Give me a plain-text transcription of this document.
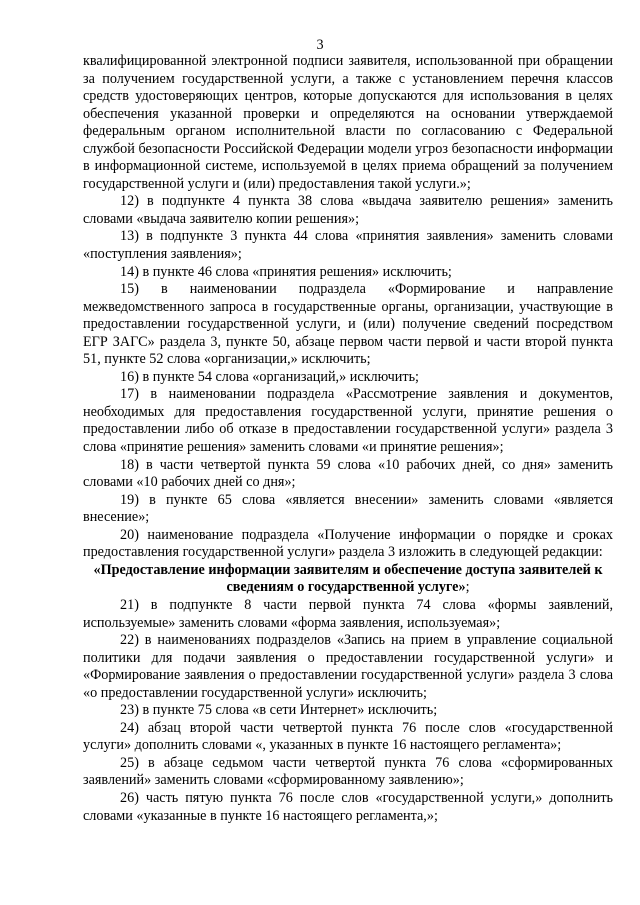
3

квалифицированной электронной подписи заявителя, использованной при обращении за получением государственной услуги, а также с установлением перечня классов средств удостоверяющих центров, которые допускаются для использования в целях обеспечения указанной проверки и определяются на основании утверждаемой федеральным органом исполнительной власти по согласованию с Федеральной службой безопасности Российской Федерации модели угроз безопасности информации в информационной системе, используемой в целях приема обращений за получением государственной услуги и (или) предоставления такой услуги.»;

12) в подпункте 4 пункта 38 слова «выдача заявителю решения» заменить словами «выдача заявителю копии решения»;

13) в подпункте 3 пункта 44 слова «принятия заявления» заменить словами «поступления заявления»;

14) в пункте 46 слова «принятия решения» исключить;

15) в наименовании подраздела «Формирование и направление межведомственного запроса в государственные органы, организации, участвующие в предоставлении государственной услуги, и (или) получение сведений посредством ЕГР ЗАГС» раздела 3, пункте 50, абзаце первом части первой и части второй пункта 51, пункте 52 слова «организации,» исключить;

16) в пункте 54 слова «организаций,» исключить;

17) в наименовании подраздела «Рассмотрение заявления и документов, необходимых для предоставления государственной услуги, принятие решения о предоставлении либо об отказе в предоставлении государственной услуги» раздела 3 слова «принятие решения» заменить словами «и принятие решения»;

18) в части четвертой пункта 59 слова «10 рабочих дней, со дня» заменить словами «10 рабочих дней со дня»;

19) в пункте 65 слова «является внесении» заменить словами «является внесение»;

20) наименование подраздела «Получение информации о порядке и сроках предоставления государственной услуги» раздела 3 изложить в следующей редакции:

«Предоставление информации заявителям и обеспечение доступа заявителей к сведениям о государственной услуге»;

21) в подпункте 8 части первой пункта 74 слова «формы заявлений, используемые» заменить словами «форма заявления, используемая»;

22) в наименованиях подразделов «Запись на прием в управление социальной политики для подачи заявления о предоставлении государственной услуги» и «Формирование заявления о предоставлении государственной услуги» раздела 3 слова «о предоставлении государственной услуги» исключить;

23) в пункте 75 слова «в сети Интернет» исключить;

24) абзац второй части четвертой пункта 76 после слов «государственной услуги» дополнить словами «, указанных в пункте 16 настоящего регламента»;

25) в абзаце седьмом части четвертой пункта 76 слова «сформированных заявлений» заменить словами «сформированному заявлению»;

26) часть пятую пункта 76 после слов «государственной услуги,» дополнить словами «указанные в пункте 16 настоящего регламента,»;
